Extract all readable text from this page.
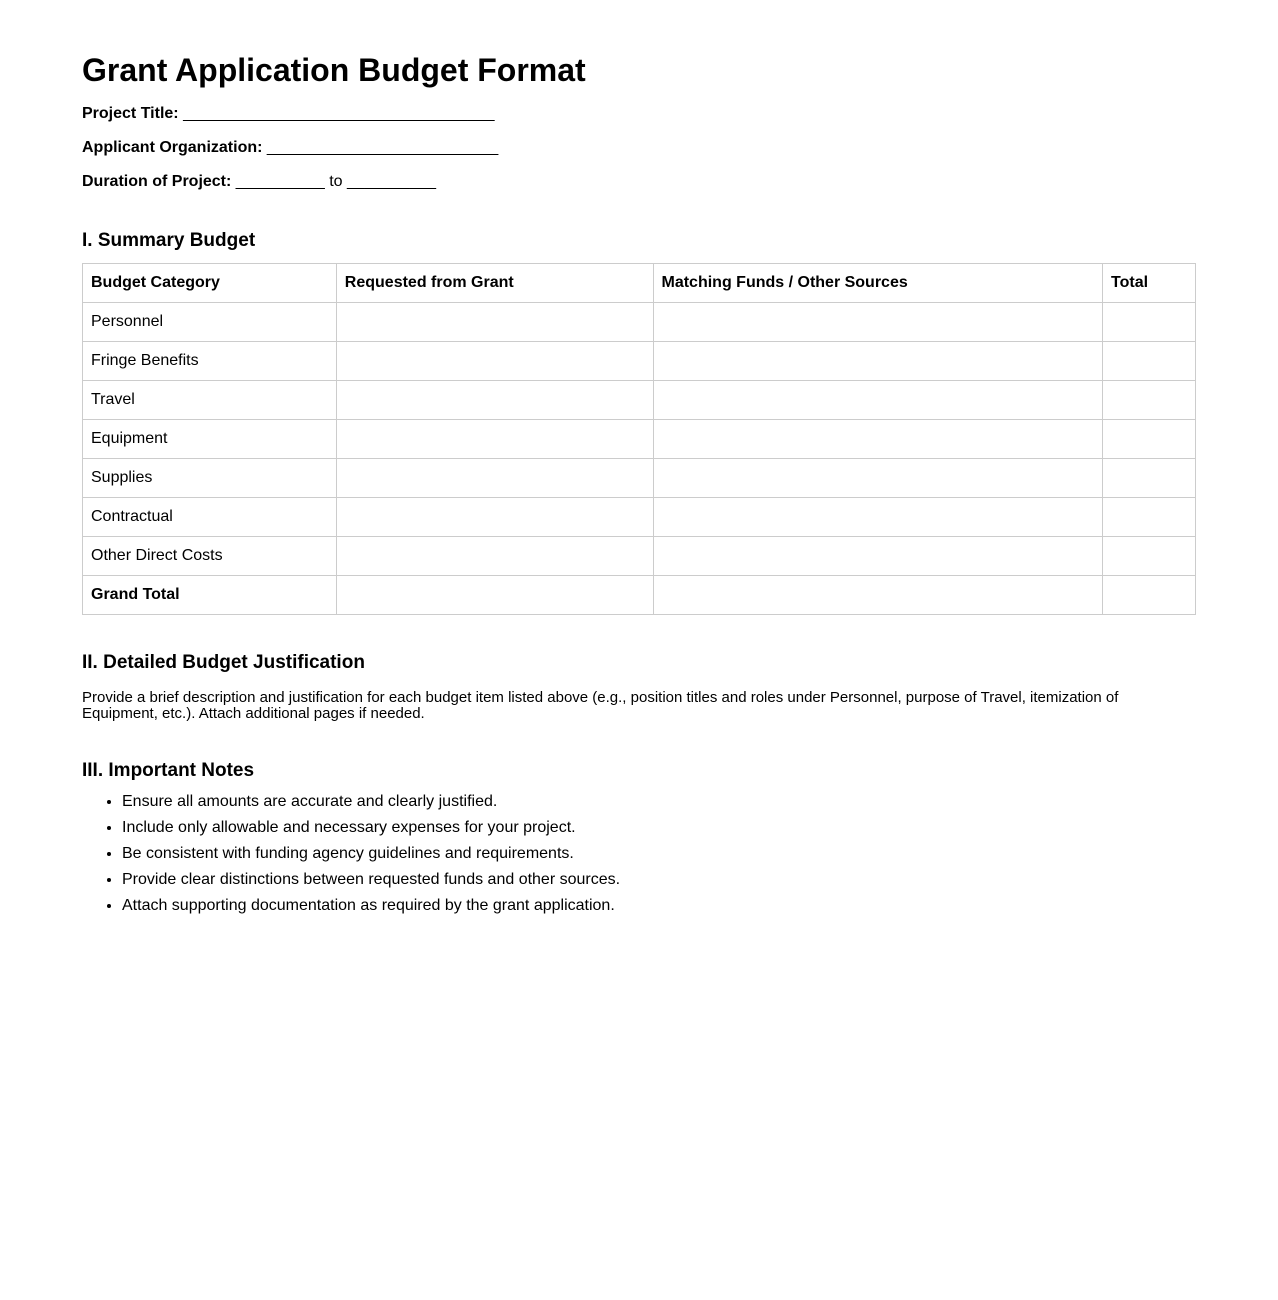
Grant Application Budget Format

Project Title: ___________________________________

Applicant Organization: __________________________

Duration of Project: __________ to __________

I. Summary Budget
Budget Category	Requested from Grant	Matching Funds / Other Sources	Total
Personnel			
Fringe Benefits			
Travel			
Equipment			
Supplies			
Contractual			
Other Direct Costs			
Grand Total			
II. Detailed Budget Justification

Provide a brief description and justification for each budget item listed above (e.g., position titles and roles under Personnel, purpose of Travel, itemization of Equipment, etc.). Attach additional pages if needed.

III. Important Notes
• Ensure all amounts are accurate and clearly justified.
• Include only allowable and necessary expenses for your project.
• Be consistent with funding agency guidelines and requirements.
• Provide clear distinctions between requested funds and other sources.
• Attach supporting documentation as required by the grant application.
